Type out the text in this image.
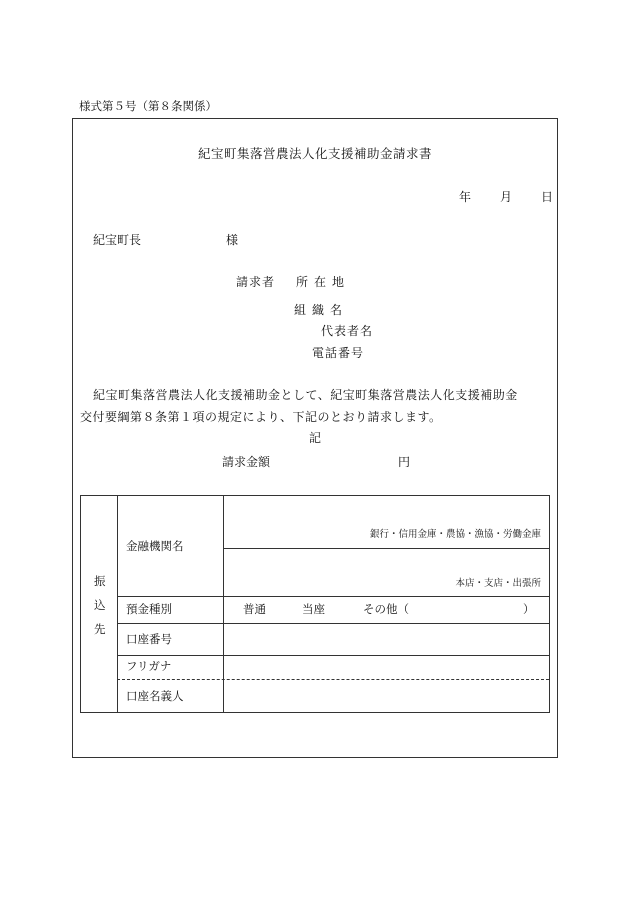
様式第５号（第８条関係）
紀宝町集落営農法人化支援補助金請求書
年 月 日
紀宝町長	様
請求者 所在地
組織名
代表者名
電話番号
紀宝町集落営農法人化支援補助金として、紀宝町集落営農法人化支援補助金
交付要綱第８条第１項の規定により、下記のとおり請求します。
記
請求金額	円
振
込
先
金融機関名
銀行・信用金庫・農協・漁協・労働金庫
本店・支店・出張所
預金種別	普通	当座	その他（	）
口座番号
フリガナ
口座名義人
